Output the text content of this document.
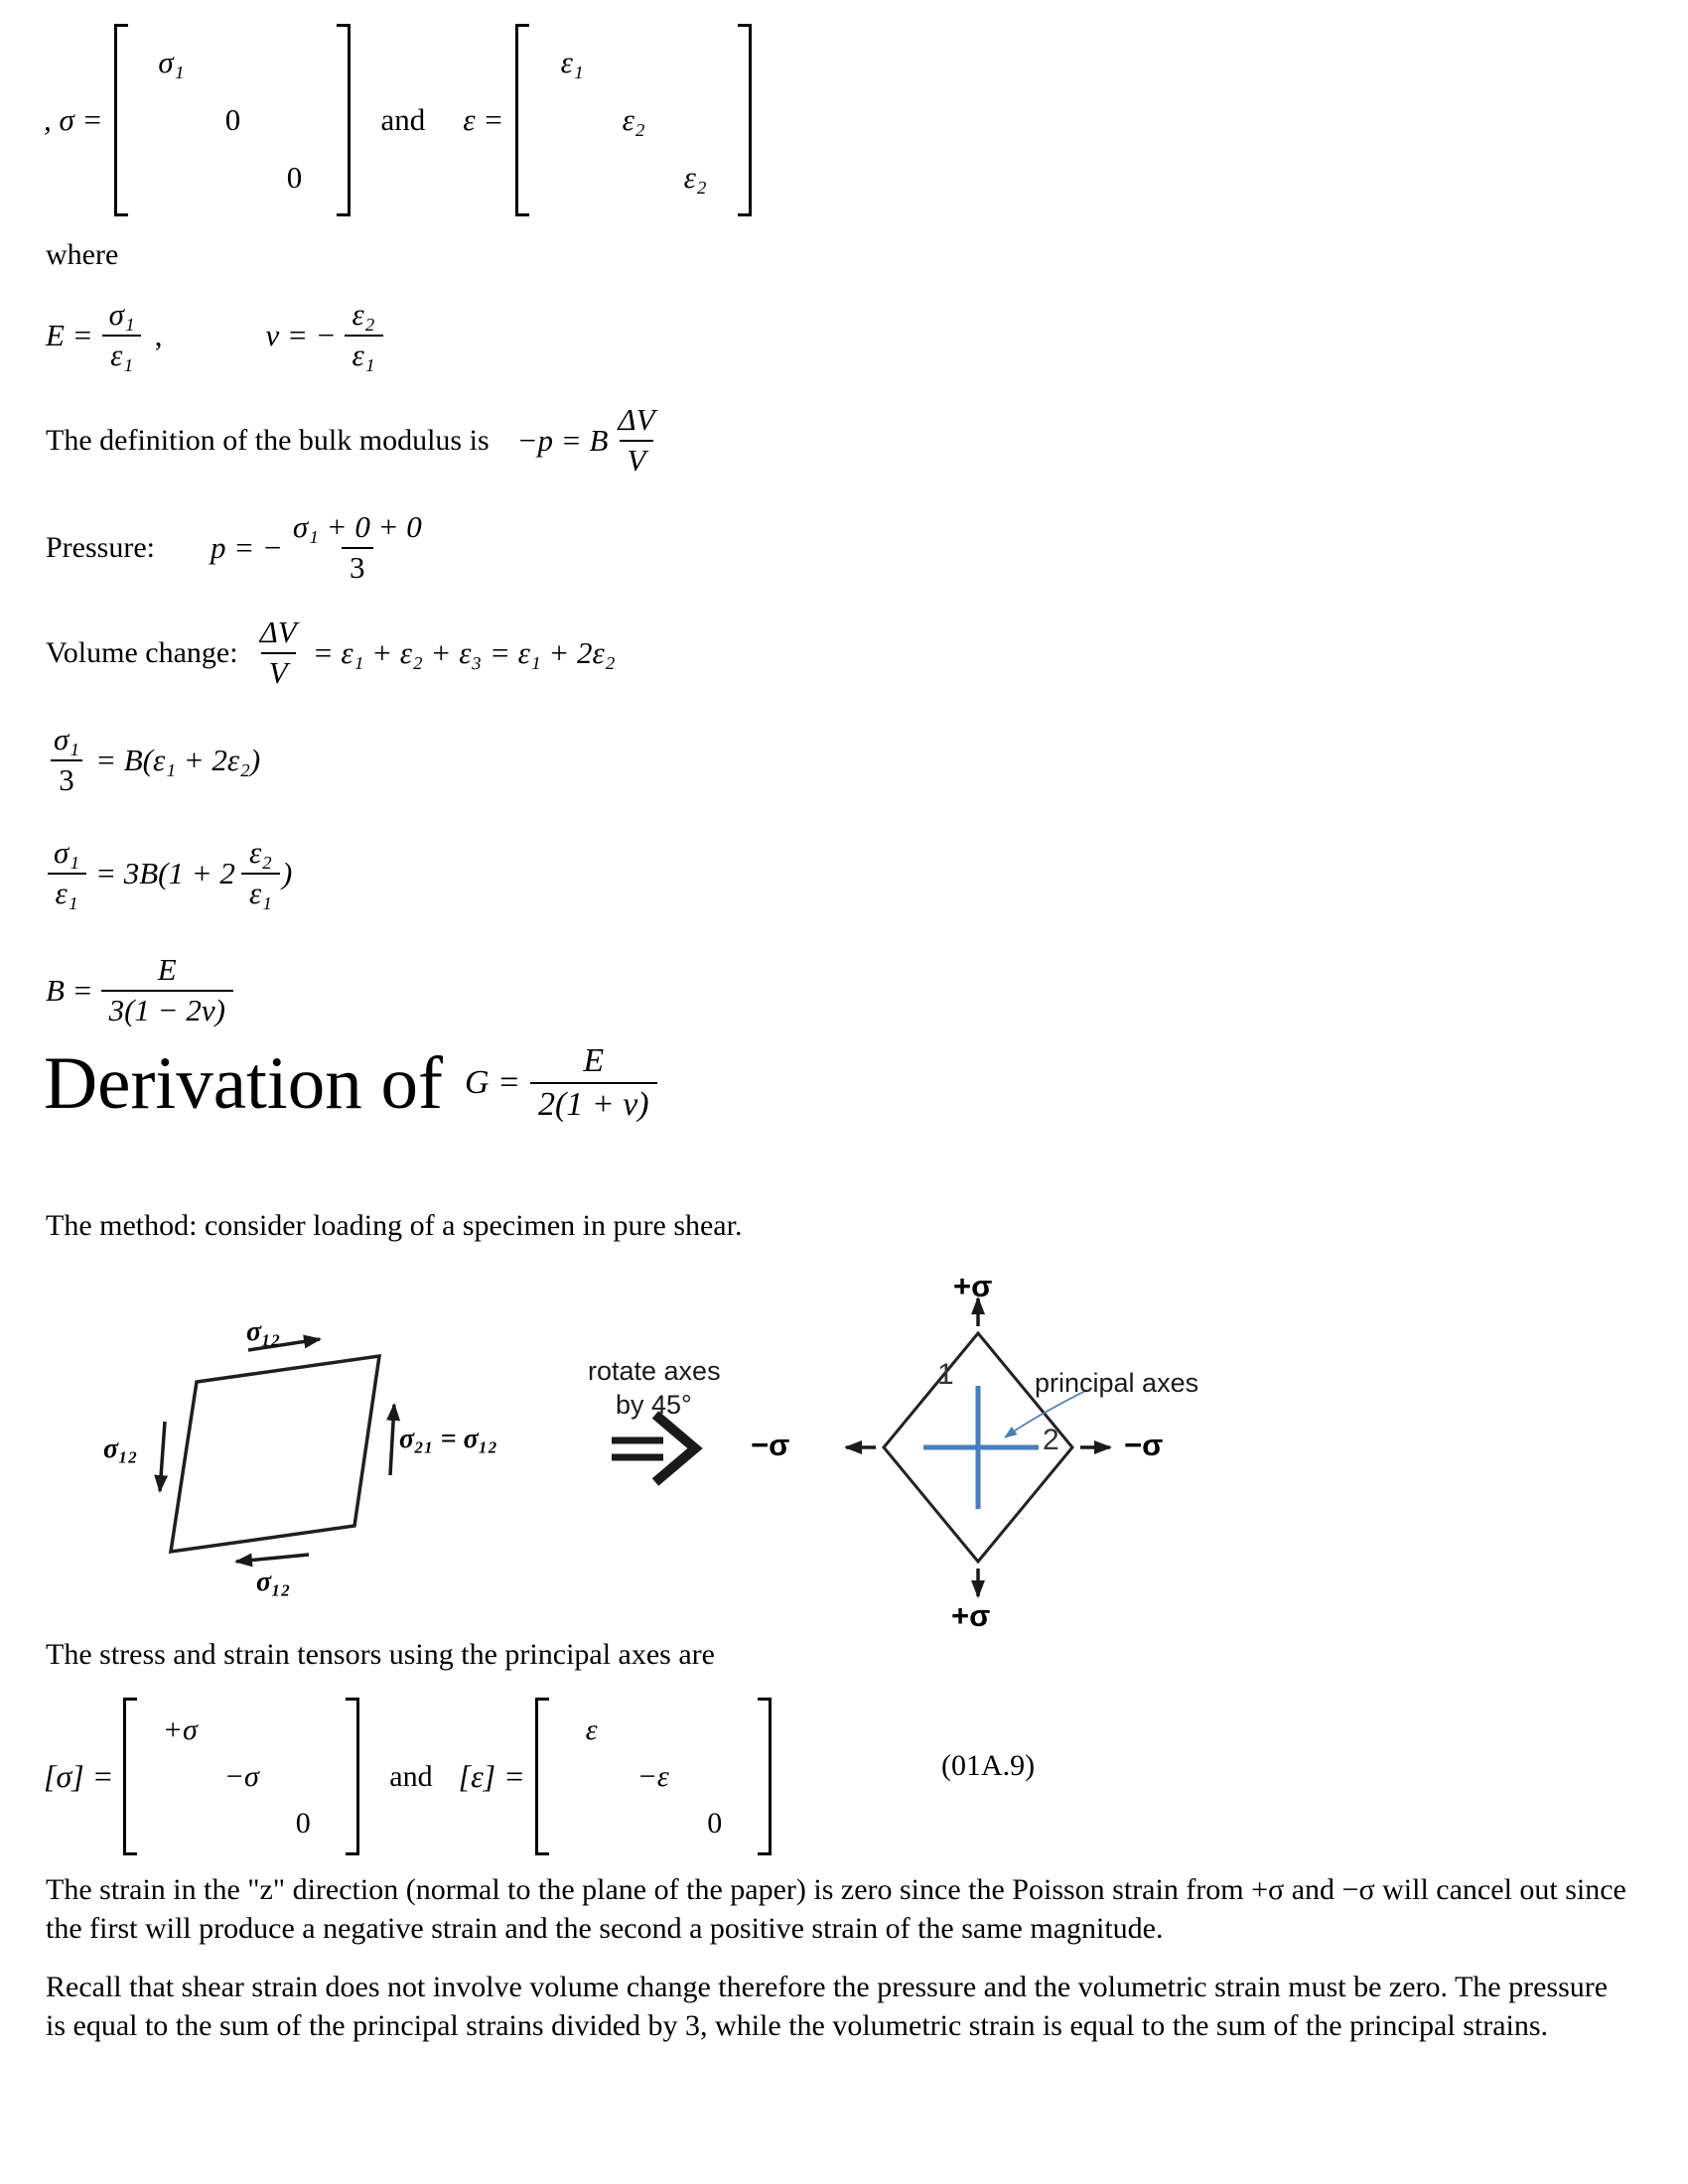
, σ =
σ₁
0
0
and ε =
ε₁
ε₂
ε₂
where
$E = \frac{\text{σ₁}}{\text{ε₁}}$ ,	ν = − $\frac{\text{ε₂}}{\text{ε₁}}$
The definition of the bulk modulus is −p = B $\frac{\Delta V}{V}$
Pressure: p = − $\frac{\text{σ₁ + 0 + 0}}{3}$
Volume change: $\frac{\Delta V}{V} = \varepsilon_1 + \varepsilon_2 + \varepsilon_3 = \varepsilon_1 + 2\varepsilon_2$
$\frac{\text{σ₁}}{3} = B(\varepsilon_1 + 2\varepsilon_2)$
$\frac{\text{σ₁}}{\text{ε₁}} = 3B(1 + 2 \frac{\text{ε₂}}{\text{ε₁}}$ )
$B = \frac{E}{3(1 - 2\nu)}$
Derivation of $G = \frac{E}{2(1 + \nu)}$
The method: consider loading of a specimen in pure shear.
σ₁₂
σ₁₂	σ₂₁ = σ₁₂
σ₁₂
rotate axes
by 45°
−σ	−σ
+σ
+σ
1
2
principal axes
The stress and strain tensors using the principal axes are
[σ] =
+σ
−σ
0
and [ε] =
ε
−ε
0
(01A.9)
The strain in the "z" direction (normal to the plane of the paper) is zero since the Poisson strain from +σ and −σ will cancel out since the first will produce a negative strain and the second a positive strain of the same magnitude.
Recall that shear strain does not involve volume change therefore the pressure and the volumetric strain must be zero. The pressure is equal to the sum of the principal strains divided by 3, while the volumetric strain is equal to the sum of the principal strains.
